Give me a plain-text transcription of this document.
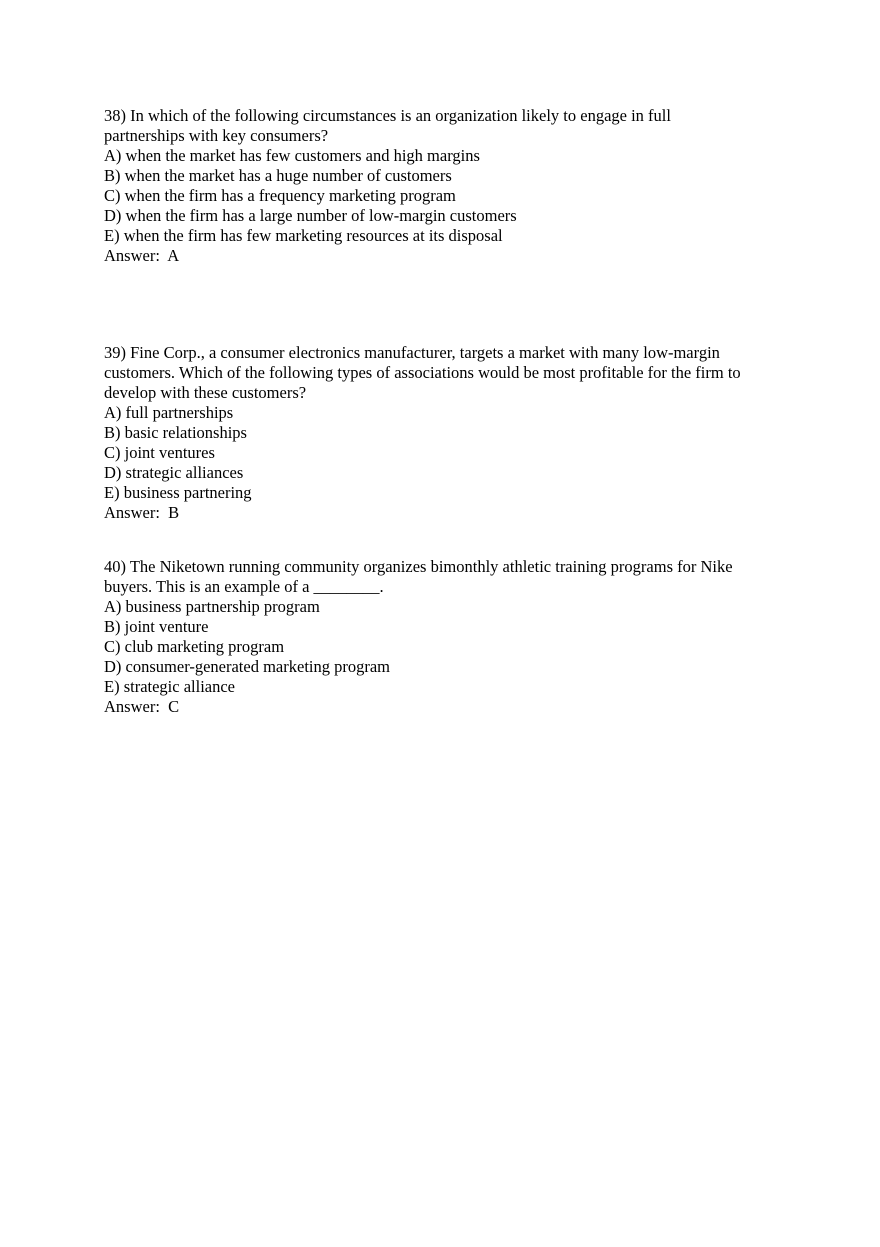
38) In which of the following circumstances is an organization likely to engage in full
partnerships with key consumers?
A) when the market has few customers and high margins
B) when the market has a huge number of customers
C) when the firm has a frequency marketing program
D) when the firm has a large number of low-margin customers
E) when the firm has few marketing resources at its disposal
Answer: A
39) Fine Corp., a consumer electronics manufacturer, targets a market with many low-margin
customers. Which of the following types of associations would be most profitable for the firm to
develop with these customers?
A) full partnerships
B) basic relationships
C) joint ventures
D) strategic alliances
E) business partnering
Answer: B
40) The Niketown running community organizes bimonthly athletic training programs for Nike
buyers. This is an example of a ________.
A) business partnership program
B) joint venture
C) club marketing program
D) consumer-generated marketing program
E) strategic alliance
Answer: C
